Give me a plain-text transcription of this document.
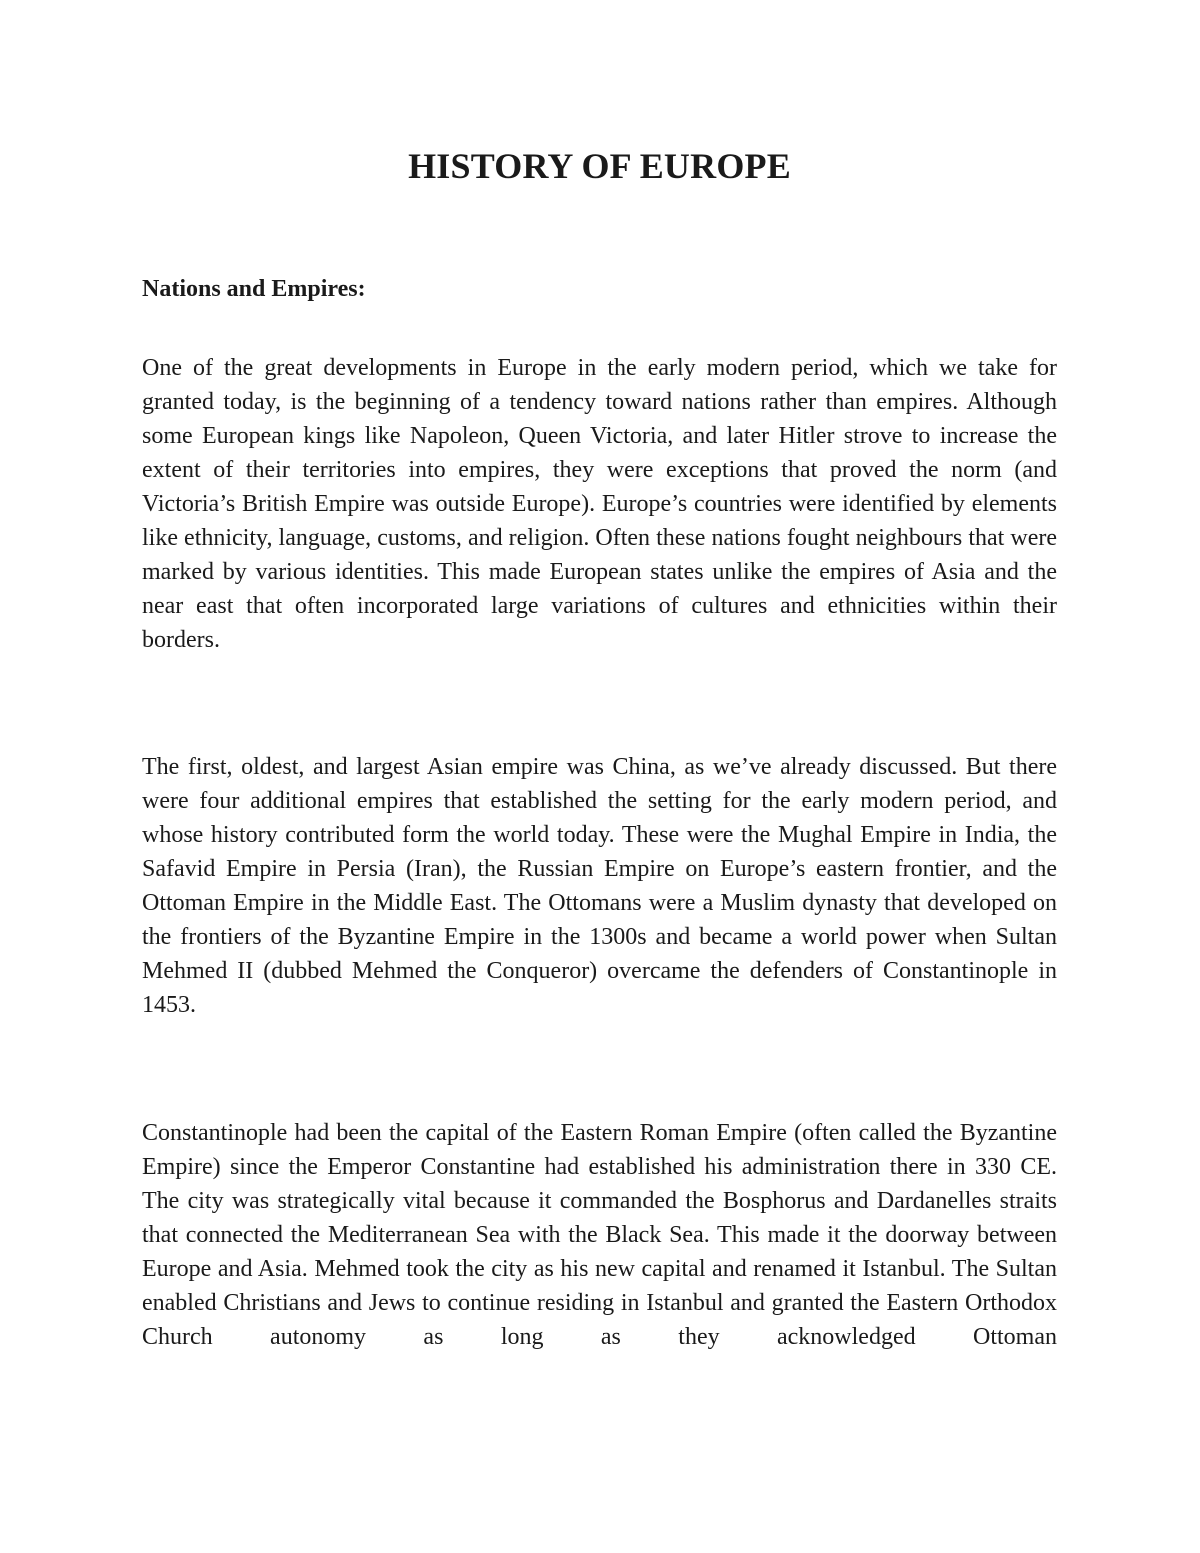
HISTORY OF EUROPE
Nations and Empires:

One of the great developments in Europe in the early modern period, which we take for granted today, is the beginning of a tendency toward nations rather than empires. Although some European kings like Napoleon, Queen Victoria, and later Hitler strove to increase the extent of their territories into empires, they were exceptions that proved the norm (and Victoria’s British Empire was outside Europe). Europe’s countries were identified by elements like ethnicity, language, customs, and religion. Often these nations fought neighbours that were marked by various identities. This made European states unlike the empires of Asia and the near east that often incorporated large variations of cultures and ethnicities within their borders.

The first, oldest, and largest Asian empire was China, as we’ve already discussed. But there were four additional empires that established the setting for the early modern period, and whose history contributed form the world today. These were the Mughal Empire in India, the Safavid Empire in Persia (Iran), the Russian Empire on Europe’s eastern frontier, and the Ottoman Empire in the Middle East. The Ottomans were a Muslim dynasty that developed on the frontiers of the Byzantine Empire in the 1300s and became a world power when Sultan Mehmed II (dubbed Mehmed the Conqueror) overcame the defenders of Constantinople in 1453.

Constantinople had been the capital of the Eastern Roman Empire (often called the Byzantine Empire) since the Emperor Constantine had established his administration there in 330 CE. The city was strategically vital because it commanded the Bosphorus and Dardanelles straits that connected the Mediterranean Sea with the Black Sea. This made it the doorway between Europe and Asia. Mehmed took the city as his new capital and renamed it Istanbul. The Sultan enabled Christians and Jews to continue residing in Istanbul and granted the Eastern Orthodox Church autonomy as long as they acknowledged Ottoman
